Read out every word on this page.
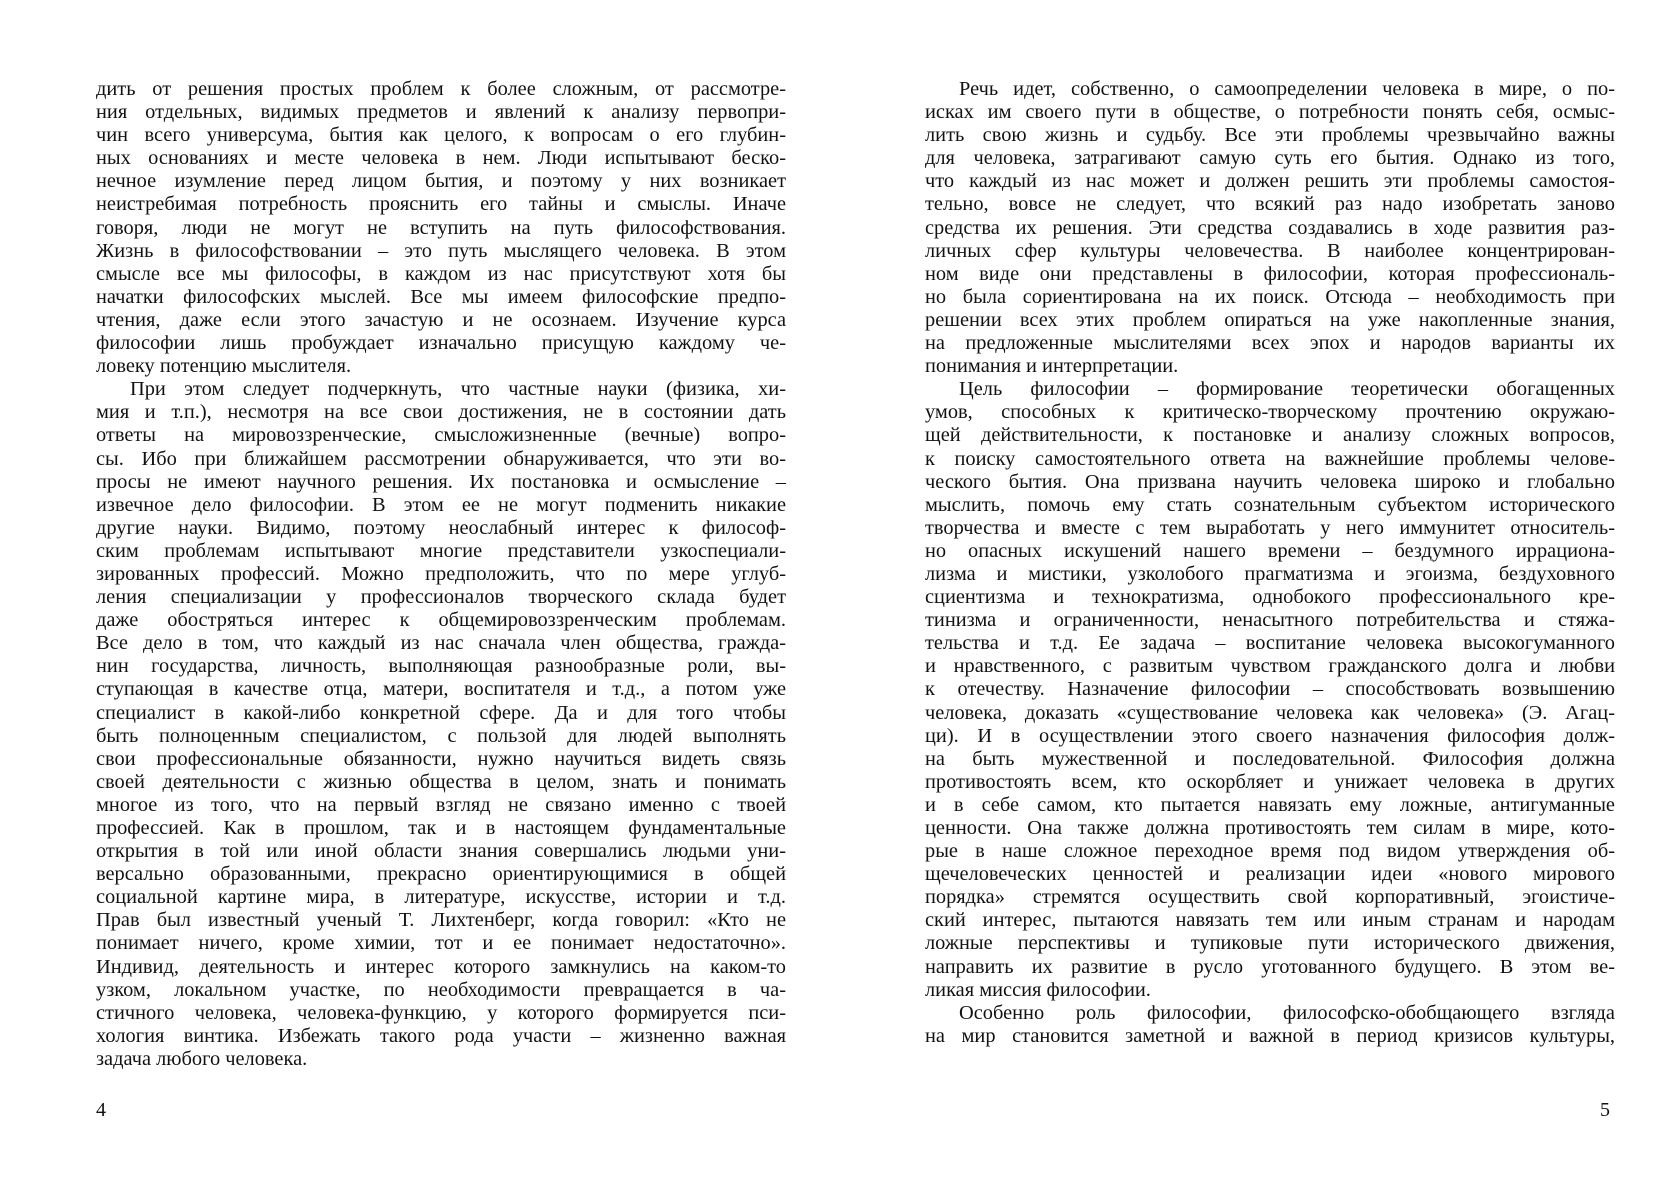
дить от решения простых проблем к более сложным, от рассмотре-
ния отдельных, видимых предметов и явлений к анализу первопри-
чин всего универсума, бытия как целого, к вопросам о его глубин-
ных основаниях и месте человека в нем. Люди испытывают беско-
нечное изумление перед лицом бытия, и поэтому у них возникает
неистребимая потребность прояснить его тайны и смыслы. Иначе
говоря, люди не могут не вступить на путь философствования.
Жизнь в философствовании – это путь мыслящего человека. В этом
смысле все мы философы, в каждом из нас присутствуют хотя бы
начатки философских мыслей. Все мы имеем философские предпо-
чтения, даже если этого зачастую и не осознаем. Изучение курса
философии лишь пробуждает изначально присущую каждому че-
ловеку потенцию мыслителя.
При этом следует подчеркнуть, что частные науки (физика, хи-
мия и т.п.), несмотря на все свои достижения, не в состоянии дать
ответы на мировоззренческие, смысложизненные (вечные) вопро-
сы. Ибо при ближайшем рассмотрении обнаруживается, что эти во-
просы не имеют научного решения. Их постановка и осмысление –
извечное дело философии. В этом ее не могут подменить никакие
другие науки. Видимо, поэтому неослабный интерес к философ-
ским проблемам испытывают многие представители узкоспециали-
зированных профессий. Можно предположить, что по мере углуб-
ления специализации у профессионалов творческого склада будет
даже обостряться интерес к общемировоззренческим проблемам.
Все дело в том, что каждый из нас сначала член общества, гражда-
нин государства, личность, выполняющая разнообразные роли, вы-
ступающая в качестве отца, матери, воспитателя и т.д., а потом уже
специалист в какой-либо конкретной сфере. Да и для того чтобы
быть полноценным специалистом, с пользой для людей выполнять
свои профессиональные обязанности, нужно научиться видеть связь
своей деятельности с жизнью общества в целом, знать и понимать
многое из того, что на первый взгляд не связано именно с твоей
профессией. Как в прошлом, так и в настоящем фундаментальные
открытия в той или иной области знания совершались людьми уни-
версально образованными, прекрасно ориентирующимися в общей
социальной картине мира, в литературе, искусстве, истории и т.д.
Прав был известный ученый Т. Лихтенберг, когда говорил: «Кто не
понимает ничего, кроме химии, тот и ее понимает недостаточно».
Индивид, деятельность и интерес которого замкнулись на каком-то
узком, локальном участке, по необходимости превращается в ча-
стичного человека, человека-функцию, у которого формируется пси-
хология винтика. Избежать такого рода участи – жизненно важная
задача любого человека.
Речь идет, собственно, о самоопределении человека в мире, о по-
исках им своего пути в обществе, о потребности понять себя, осмыс-
лить свою жизнь и судьбу. Все эти проблемы чрезвычайно важны
для человека, затрагивают самую суть его бытия. Однако из того,
что каждый из нас может и должен решить эти проблемы самостоя-
тельно, вовсе не следует, что всякий раз надо изобретать заново
средства их решения. Эти средства создавались в ходе развития раз-
личных сфер культуры человечества. В наиболее концентрирован-
ном виде они представлены в философии, которая профессиональ-
но была сориентирована на их поиск. Отсюда – необходимость при
решении всех этих проблем опираться на уже накопленные знания,
на предложенные мыслителями всех эпох и народов варианты их
понимания и интерпретации.
Цель философии – формирование теоретически обогащенных
умов, способных к критическо-творческому прочтению окружаю-
щей действительности, к постановке и анализу сложных вопросов,
к поиску самостоятельного ответа на важнейшие проблемы челове-
ческого бытия. Она призвана научить человека широко и глобально
мыслить, помочь ему стать сознательным субъектом исторического
творчества и вместе с тем выработать у него иммунитет относитель-
но опасных искушений нашего времени – бездумного иррациона-
лизма и мистики, узколобого прагматизма и эгоизма, бездуховного
сциентизма и технократизма, однобокого профессионального кре-
тинизма и ограниченности, ненасытного потребительства и стяжа-
тельства и т.д. Ее задача – воспитание человека высокогуманного
и нравственного, с развитым чувством гражданского долга и любви
к отечеству. Назначение философии – способствовать возвышению
человека, доказать «существование человека как человека» (Э. Агац-
ци). И в осуществлении этого своего назначения философия долж-
на быть мужественной и последовательной. Философия должна
противостоять всем, кто оскорбляет и унижает человека в других
и в себе самом, кто пытается навязать ему ложные, антигуманные
ценности. Она также должна противостоять тем силам в мире, кото-
рые в наше сложное переходное время под видом утверждения об-
щечеловеческих ценностей и реализации идеи «нового мирового
порядка» стремятся осуществить свой корпоративный, эгоистиче-
ский интерес, пытаются навязать тем или иным странам и народам
ложные перспективы и тупиковые пути исторического движения,
направить их развитие в русло уготованного будущего. В этом ве-
ликая миссия философии.
Особенно роль философии, философско-обобщающего взгляда
на мир становится заметной и важной в период кризисов культуры,
4	5
